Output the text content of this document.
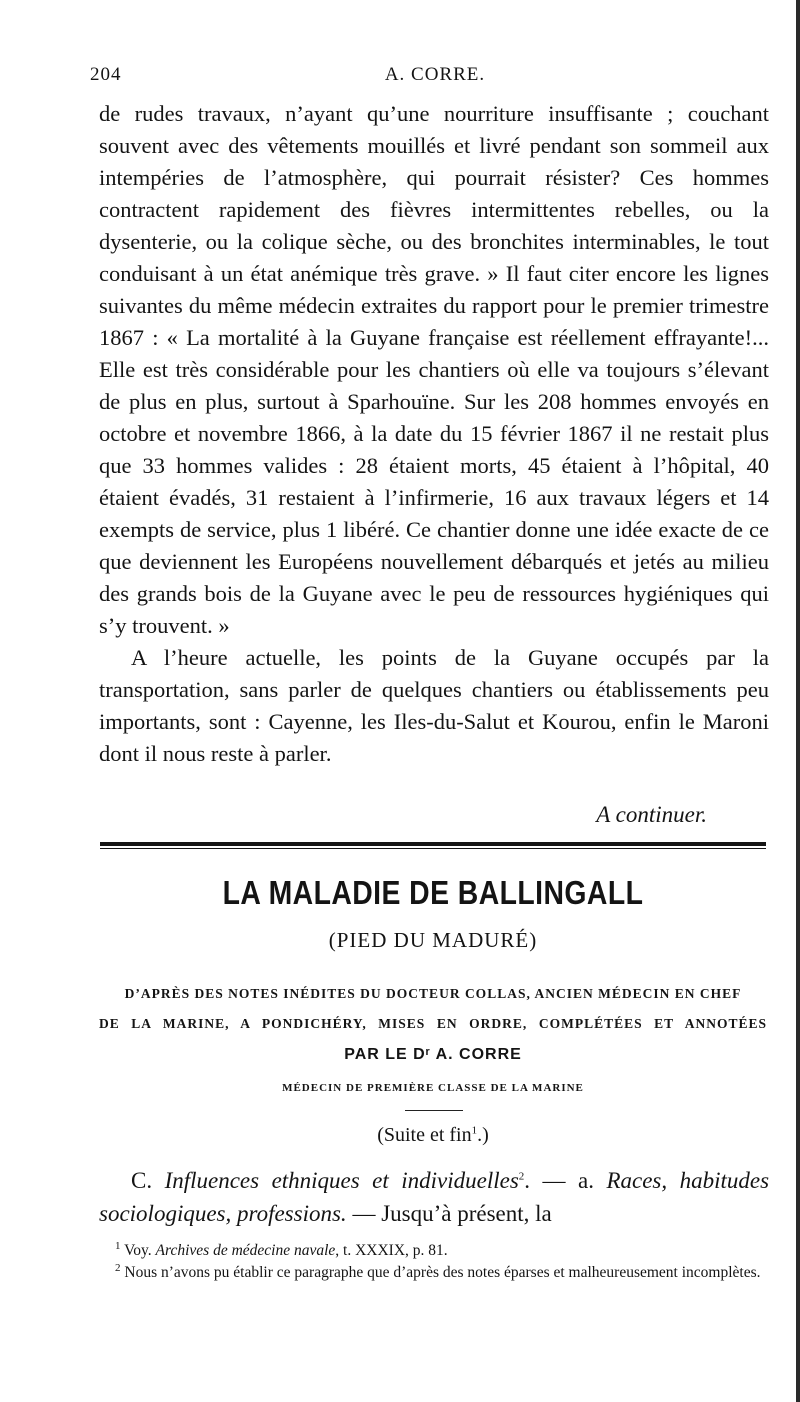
204	A. CORRE.

de rudes travaux, n’ayant qu’une nourriture insuffisante ; couchant souvent avec des vêtements mouillés et livré pendant son sommeil aux intempéries de l’atmosphère, qui pourrait résister? Ces hommes contractent rapidement des fièvres intermittentes rebelles, ou la dysenterie, ou la colique sèche, ou des bronchites interminables, le tout conduisant à un état anémique très grave. » Il faut citer encore les lignes suivantes du même médecin extraites du rapport pour le premier trimestre 1867 : « La mortalité à la Guyane française est réellement effrayante!... Elle est très considérable pour les chantiers où elle va toujours s’élevant de plus en plus, surtout à Sparhouïne. Sur les 208 hommes envoyés en octobre et novembre 1866, à la date du 15 février 1867 il ne restait plus que 33 hommes valides : 28 étaient morts, 45 étaient à l’hôpital, 40 étaient évadés, 31 restaient à l’infirmerie, 16 aux travaux légers et 14 exempts de service, plus 1 libéré. Ce chantier donne une idée exacte de ce que deviennent les Européens nouvellement débarqués et jetés au milieu des grands bois de la Guyane avec le peu de ressources hygiéniques qui s’y trouvent. »

A l’heure actuelle, les points de la Guyane occupés par la transportation, sans parler de quelques chantiers ou établissements peu importants, sont : Cayenne, les Iles-du-Salut et Kourou, enfin le Maroni dont il nous reste à parler.

A continuer.
LA MALADIE DE BALLINGALL
(PIED DU MADURÉ)
D’APRÈS DES NOTES INÉDITES DU DOCTEUR COLLAS, ANCIEN MÉDECIN EN CHEF
DE LA MARINE, A PONDICHÉRY, MISES EN ORDRE, COMPLÉTÉES ET ANNOTÉES
PAR LE Dʳ A. CORRE
MÉDECIN DE PREMIÈRE CLASSE DE LA MARINE
(Suite et fin$^1$.)

C. Influences ethniques et individuelles$^2$. — a. Races, habitudes sociologiques, professions. — Jusqu’à présent, la

$^1$ Voy. Archives de médecine navale, t. XXXIX, p. 81.

$^2$ Nous n’avons pu établir ce paragraphe que d’après des notes éparses et malheureusement incomplètes.
